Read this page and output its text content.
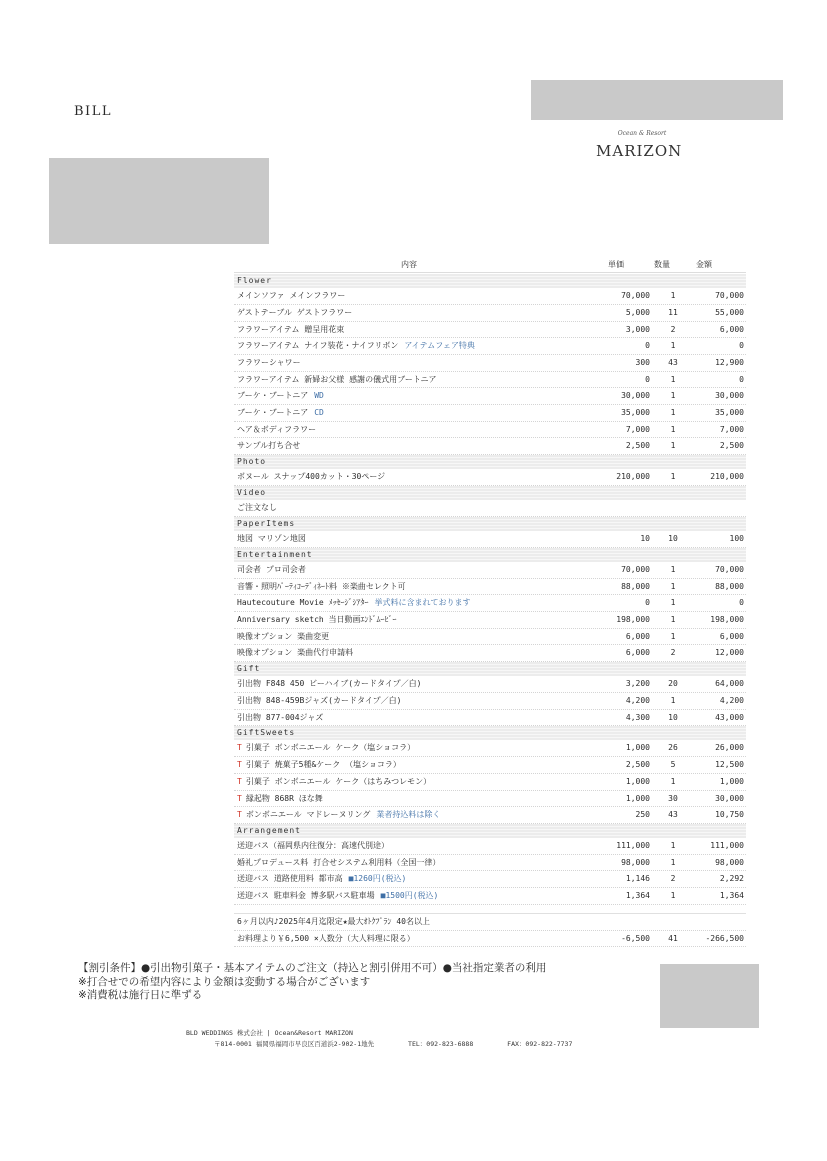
BILL
Ocean & Resort
MARIZON
内容	単価	数量	金額
Flower
メインソファ メインフラワー	70,000	1	70,000
ゲストテーブル ゲストフラワー	5,000	11	55,000
フラワーアイテム 贈呈用花束	3,000	2	6,000
フラワーアイテム ナイフ装花・ナイフリボン アイテムフェア特典	0	1	0
フラワーシャワー	300	43	12,900
フラワーアイテム 新婦お父様 感謝の儀式用ブートニア	0	1	0
ブーケ・ブートニア WD	30,000	1	30,000
ブーケ・ブートニア CD	35,000	1	35,000
ヘア＆ボディフラワー	7,000	1	7,000
サンプル打ち合せ	2,500	1	2,500
Photo
ボヌール スナップ400カット・30ページ	210,000	1	210,000
Video
ご注文なし
PaperItems
地図 マリゾン地図	10	10	100
Entertainment
司会者 プロ司会者	70,000	1	70,000
音響・照明ﾊﾟｰﾃｨｺｰﾃﾞｨﾈｰﾄ料 ※楽曲セレクト可	88,000	1	88,000
Hautecouture Movie ﾒｯｾｰｼﾞｼｱﾀｰ 挙式料に含まれております	0	1	0
Anniversary sketch 当日動画ｴﾝﾄﾞﾑｰﾋﾞｰ	198,000	1	198,000
映像オプション 楽曲変更	6,000	1	6,000
映像オプション 楽曲代行申請料	6,000	2	12,000
Gift
引出物 F848 450 ビーハイブ(カードタイプ／白)	3,200	20	64,000
引出物 848-459Bジャズ(カードタイプ／白)	4,200	1	4,200
引出物 877-004ジャズ	4,300	10	43,000
GiftSweets
T 引菓子 ボンボニエール ケーク（塩ショコラ）	1,000	26	26,000
T 引菓子 焼菓子5種&ケーク （塩ショコラ）	2,500	5	12,500
T 引菓子 ボンボニエール ケーク（はちみつレモン）	1,000	1	1,000
T 縁起物 868R ほな舞	1,000	30	30,000
T ボンボニエール マドレーヌリング 業者持込料は除く	250	43	10,750
Arrangement
送迎バス（福岡県内往復分：高速代別途）	111,000	1	111,000
婚礼プロデュース料 打合せシステム利用料（全国一律）	98,000	1	98,000
送迎バス 道路使用料 都市高 ■1260円(税込)	1,146	2	2,292
送迎バス 駐車料金 博多駅バス駐車場 ■1500円(税込)	1,364	1	1,364
6ヶ月以内♪2025年4月迄限定★最大ｵﾄｸﾌﾟﾗﾝ 40名以上
お料理より￥6,500 ×人数分（大人料理に限る）	-6,500	41	-266,500
【割引条件】●引出物引菓子・基本アイテムのご注文（持込と割引併用不可）●当社指定業者の利用
※打合せでの希望内容により金額は変動する場合がございます
※消費税は施行日に準ずる
BLD WEDDINGS 株式会社 | Ocean&Resort MARIZON
〒814-0001 福岡県福岡市早良区百道浜2-902-1地先	TEL：092-823-6888	FAX：092-822-7737
